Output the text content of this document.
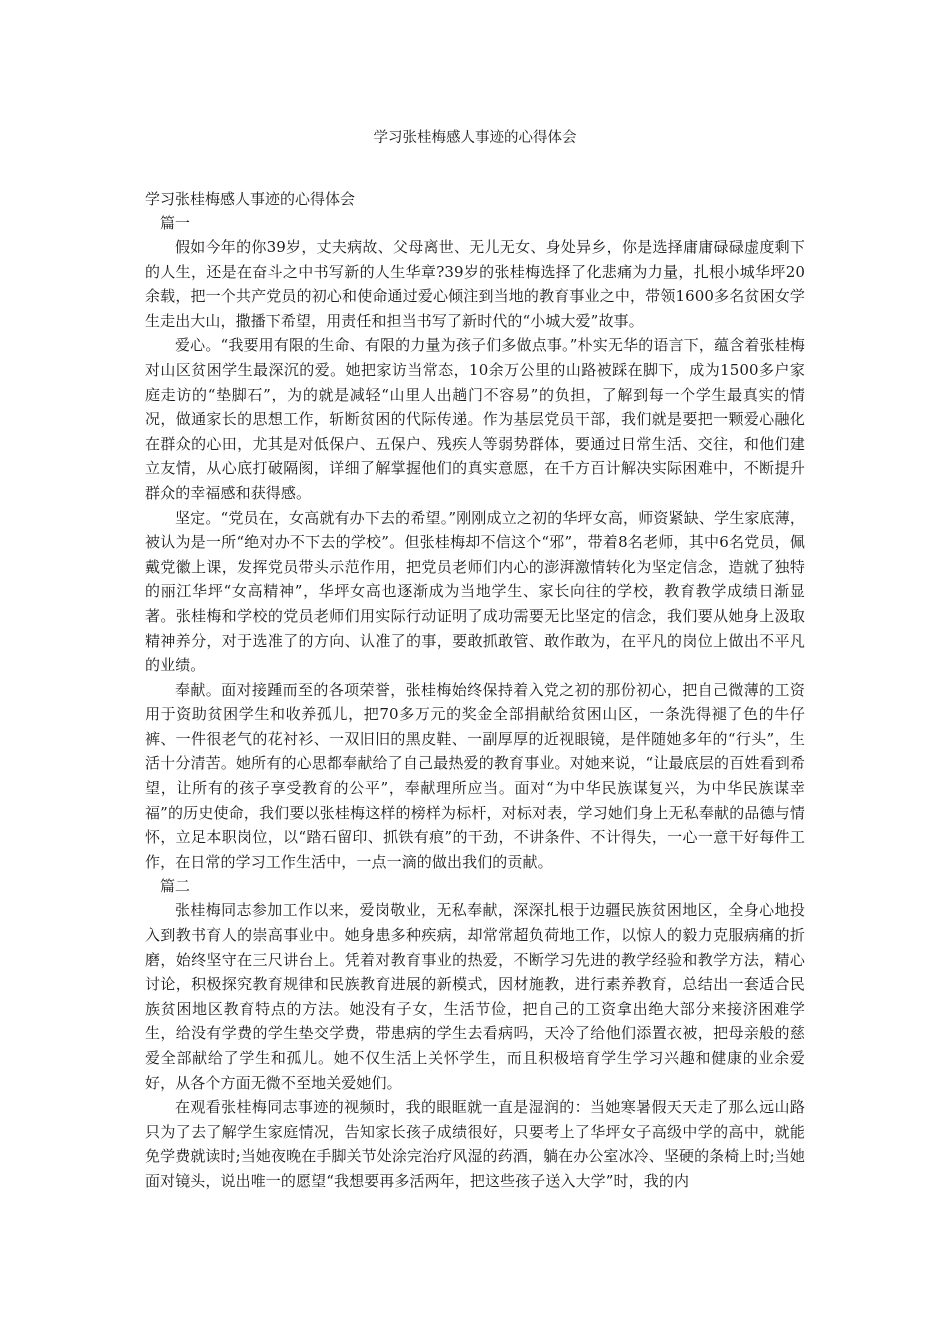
学习张桂梅感人事迹的心得体会
学习张桂梅感人事迹的心得体会
篇一

假如今年的你39岁，丈夫病故、父母离世、无儿无女、身处异乡，你是选择庸庸碌碌虚度剩下的人生，还是在奋斗之中书写新的人生华章?39岁的张桂梅选择了化悲痛为力量，扎根小城华坪20余载，把一个共产党员的初心和使命通过爱心倾注到当地的教育事业之中，带领1600多名贫困女学生走出大山，撒播下希望，用责任和担当书写了新时代的“小城大爱”故事。

爱心。“我要用有限的生命、有限的力量为孩子们多做点事。”朴实无华的语言下，蕴含着张桂梅对山区贫困学生最深沉的爱。她把家访当常态，10余万公里的山路被踩在脚下，成为1500多户家庭走访的“垫脚石”，为的就是减轻“山里人出趟门不容易”的负担，了解到每一个学生最真实的情况，做通家长的思想工作，斩断贫困的代际传递。作为基层党员干部，我们就是要把一颗爱心融化在群众的心田，尤其是对低保户、五保户、残疾人等弱势群体，要通过日常生活、交往，和他们建立友情，从心底打破隔阂，详细了解掌握他们的真实意愿，在千方百计解决实际困难中，不断提升群众的幸福感和获得感。

坚定。“党员在，女高就有办下去的希望。”刚刚成立之初的华坪女高，师资紧缺、学生家底薄，被认为是一所“绝对办不下去的学校”。但张桂梅却不信这个“邪”，带着8名老师，其中6名党员，佩戴党徽上课，发挥党员带头示范作用，把党员老师们内心的澎湃激情转化为坚定信念，造就了独特的丽江华坪“女高精神”，华坪女高也逐渐成为当地学生、家长向往的学校，教育教学成绩日渐显著。张桂梅和学校的党员老师们用实际行动证明了成功需要无比坚定的信念，我们要从她身上汲取精神养分，对于选准了的方向、认准了的事，要敢抓敢管、敢作敢为，在平凡的岗位上做出不平凡的业绩。

奉献。面对接踵而至的各项荣誉，张桂梅始终保持着入党之初的那份初心，把自己微薄的工资用于资助贫困学生和收养孤儿，把70多万元的奖金全部捐献给贫困山区，一条洗得褪了色的牛仔裤、一件很老气的花衬衫、一双旧旧的黑皮鞋、一副厚厚的近视眼镜，是伴随她多年的“行头”，生活十分清苦。她所有的心思都奉献给了自己最热爱的教育事业。对她来说，“让最底层的百姓看到希望，让所有的孩子享受教育的公平”，奉献理所应当。面对“为中华民族谋复兴，为中华民族谋幸福”的历史使命，我们要以张桂梅这样的榜样为标杆，对标对表，学习她们身上无私奉献的品德与情怀，立足本职岗位，以“踏石留印、抓铁有痕”的干劲，不讲条件、不计得失，一心一意干好每件工作，在日常的学习工作生活中，一点一滴的做出我们的贡献。

篇二

张桂梅同志参加工作以来，爱岗敬业，无私奉献，深深扎根于边疆民族贫困地区，全身心地投入到教书育人的崇高事业中。她身患多种疾病，却常常超负荷地工作，以惊人的毅力克服病痛的折磨，始终坚守在三尺讲台上。凭着对教育事业的热爱，不断学习先进的教学经验和教学方法，精心讨论，积极探究教育规律和民族教育进展的新模式，因材施教，进行素养教育，总结出一套适合民族贫困地区教育特点的方法。她没有子女，生活节俭，把自己的工资拿出绝大部分来接济困难学生，给没有学费的学生垫交学费，带患病的学生去看病吗，天冷了给他们添置衣被，把母亲般的慈爱全部献给了学生和孤儿。她不仅生活上关怀学生，而且积极培育学生学习兴趣和健康的业余爱好，从各个方面无微不至地关爱她们。

在观看张桂梅同志事迹的视频时，我的眼眶就一直是湿润的：当她寒暑假天天走了那么远山路只为了去了解学生家庭情况，告知家长孩子成绩很好，只要考上了华坪女子高级中学的高中，就能免学费就读时;当她夜晚在手脚关节处涂完治疗风湿的药酒，躺在办公室冰冷、坚硬的条椅上时;当她面对镜头，说出唯一的愿望“我想要再多活两年，把这些孩子送入大学”时，我的内
